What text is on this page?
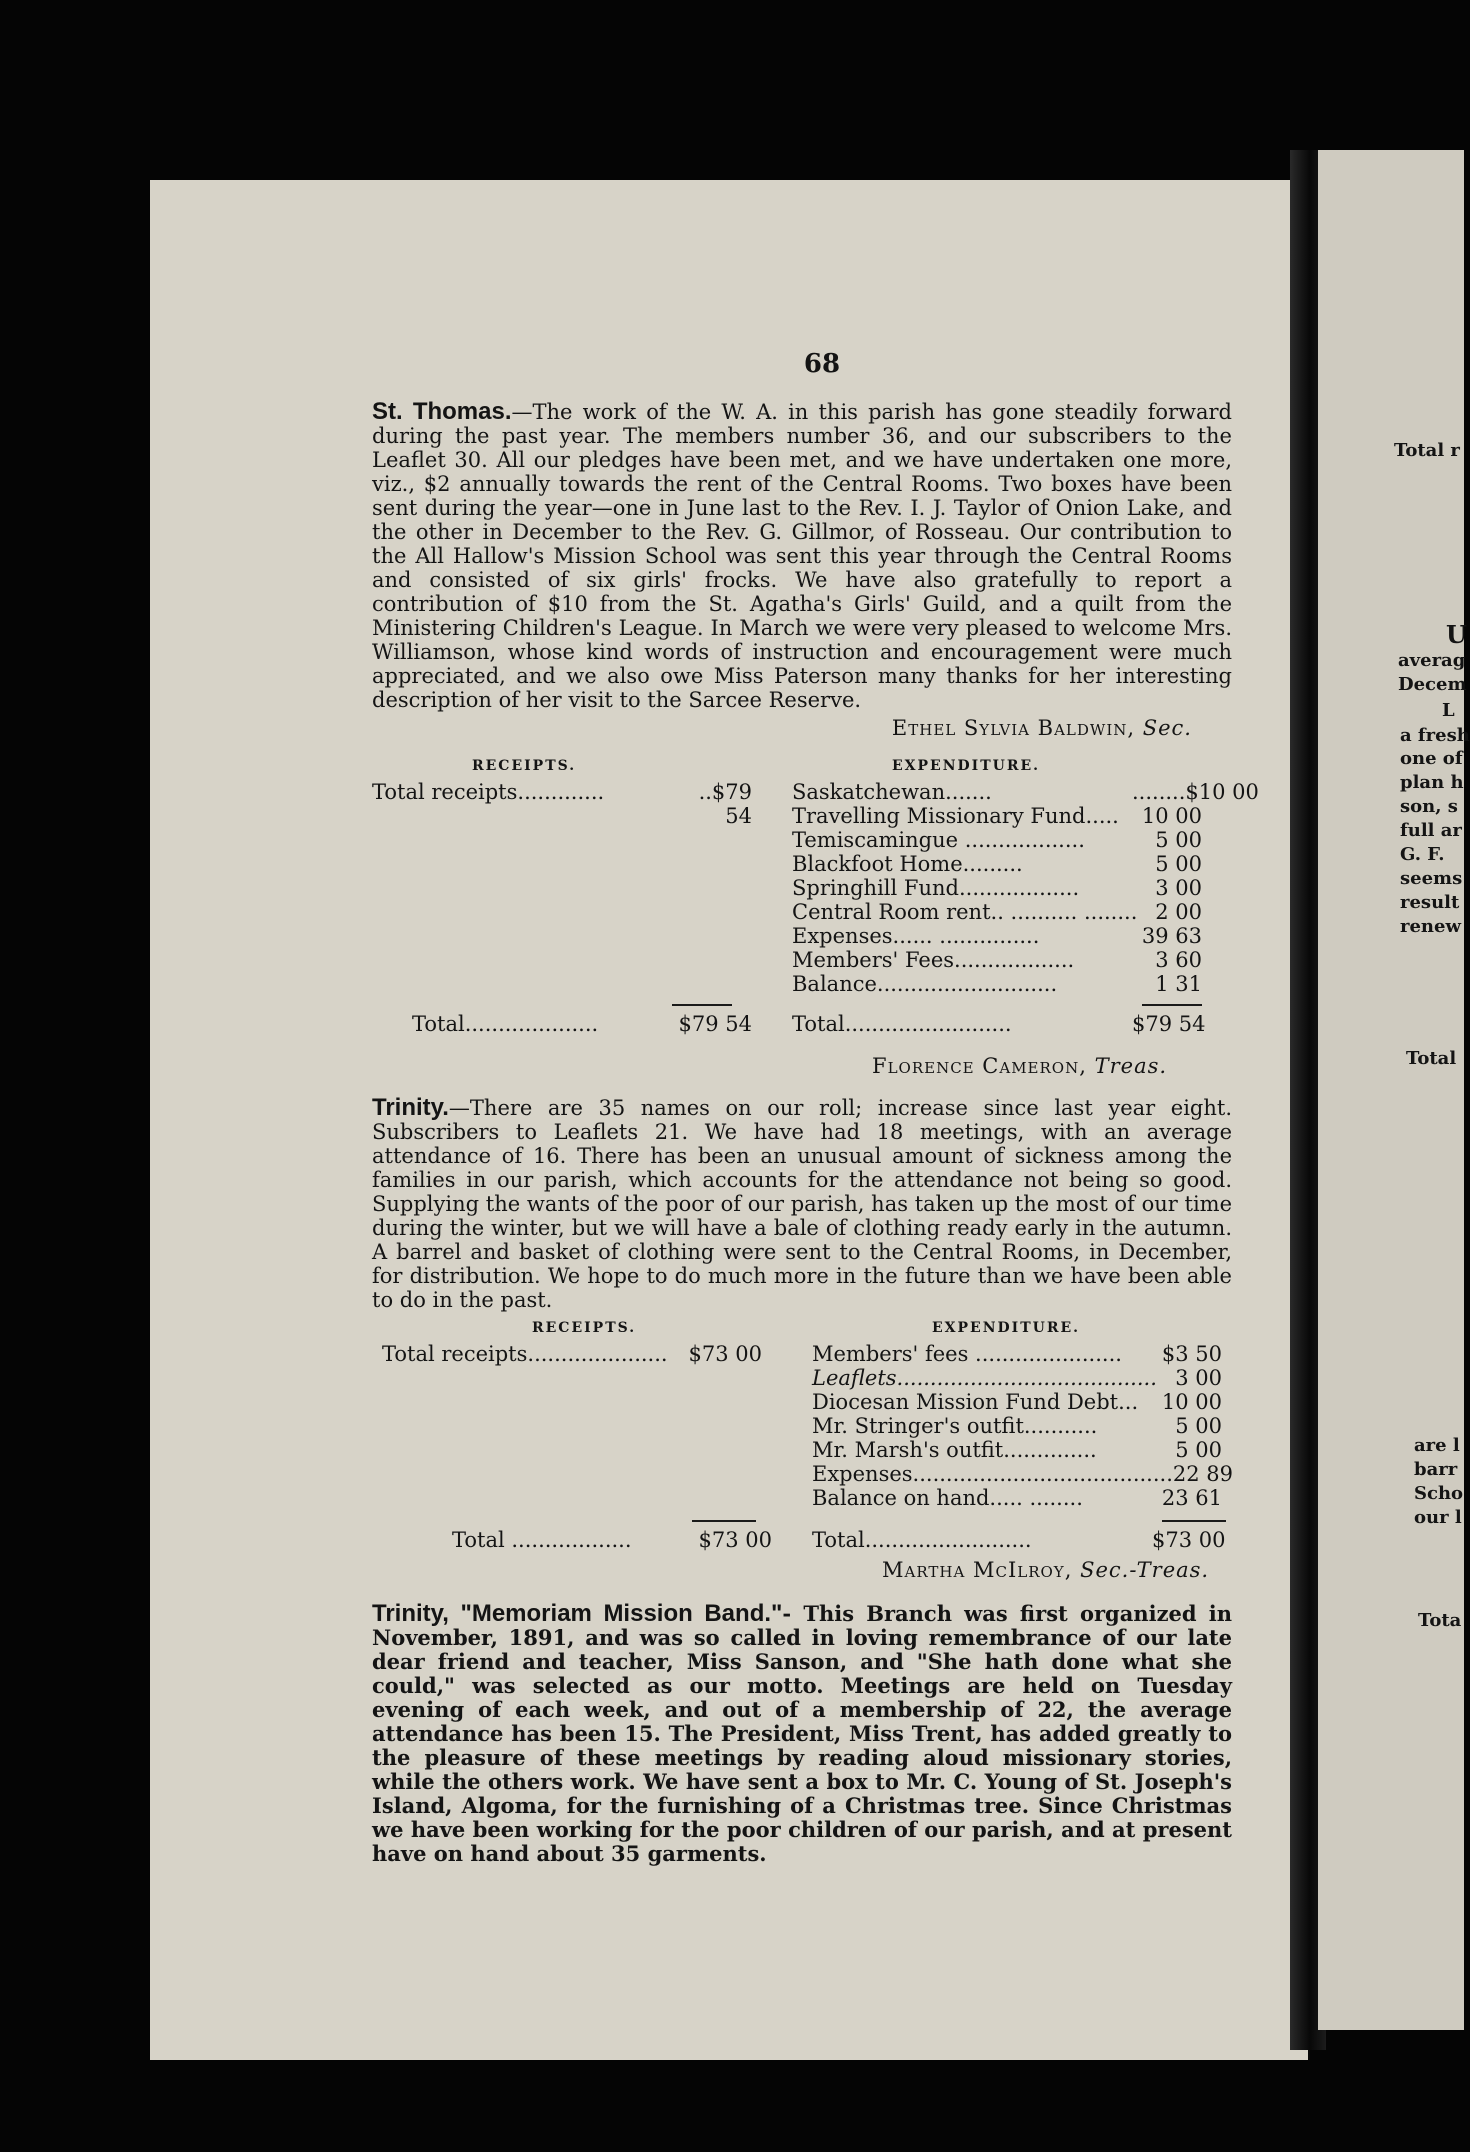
Total r
U
averag
Decem
L
a fresh
one of
plan h
son, s
full ar
G. F.
seems
result
renew
Total
are l
barr
Scho
our l
Tota
68

St. Thomas.—The work of the W. A. in this parish has gone steadily forward during the past year. The members number 36, and our subscribers to the Leaflet 30. All our pledges have been met, and we have undertaken one more, viz., $2 annually towards the rent of the Central Rooms. Two boxes have been sent during the year—one in June last to the Rev. I. J. Taylor of Onion Lake, and the other in December to the Rev. G. Gillmor, of Rosseau. Our contribution to the All Hallow's Mission School was sent this year through the Central Rooms and consisted of six girls' frocks. We have also gratefully to report a contribution of $10 from the St. Agatha's Girls' Guild, and a quilt from the Ministering Children's League. In March we were very pleased to welcome Mrs. Williamson, whose kind words of instruction and encouragement were much appreciated, and we also owe Miss Paterson many thanks for her interesting description of her visit to the Sarcee Reserve.

Ethel Sylvia Baldwin, Sec.
RECEIPTS.	EXPENDITURE.
Total receipts.............	..$79 54
Saskatchewan.......	........$10 00
Travelling Missionary Fund.....	10 00
Temiscamingue ..................	5 00
Blackfoot Home.........	5 00
Springhill Fund..................	3 00
Central Room rent.. .......... ........ 2 00
Expenses...... ...............	39 63
Members' Fees..................	3 60
Balance...........................	1 31
Total....................	$79 54 Total.........................	$79 54
Florence Cameron, Treas.

Trinity.—There are 35 names on our roll; increase since last year eight. Subscribers to Leaflets 21. We have had 18 meetings, with an average attendance of 16. There has been an unusual amount of sickness among the families in our parish, which accounts for the attendance not being so good. Supplying the wants of the poor of our parish, has taken up the most of our time during the winter, but we will have a bale of clothing ready early in the autumn. A barrel and basket of clothing were sent to the Central Rooms, in December, for distribution. We hope to do much more in the future than we have been able to do in the past.

RECEIPTS.	EXPENDITURE.
Total receipts..................... $73 00 Members' fees ......................	$3 50
Leaflets....................................... 3 00
Diocesan Mission Fund Debt...	10 00
Mr. Stringer's outfit...........	5 00
Mr. Marsh's outfit..............	5 00
Expenses....................................... 22 89
Balance on hand..... ........	23 61
Total ..................	$73 00 Total.........................	$73 00
Martha McIlroy, Sec.-Treas.

Trinity, "Memoriam Mission Band."- This Branch was first organized in November, 1891, and was so called in loving remembrance of our late dear friend and teacher, Miss Sanson, and "She hath done what she could," was selected as our motto. Meetings are held on Tuesday evening of each week, and out of a membership of 22, the average attendance has been 15. The President, Miss Trent, has added greatly to the pleasure of these meetings by reading aloud missionary stories, while the others work. We have sent a box to Mr. C. Young of St. Joseph's Island, Algoma, for the furnishing of a Christmas tree. Since Christmas we have been working for the poor children of our parish, and at present have on hand about 35 garments.
